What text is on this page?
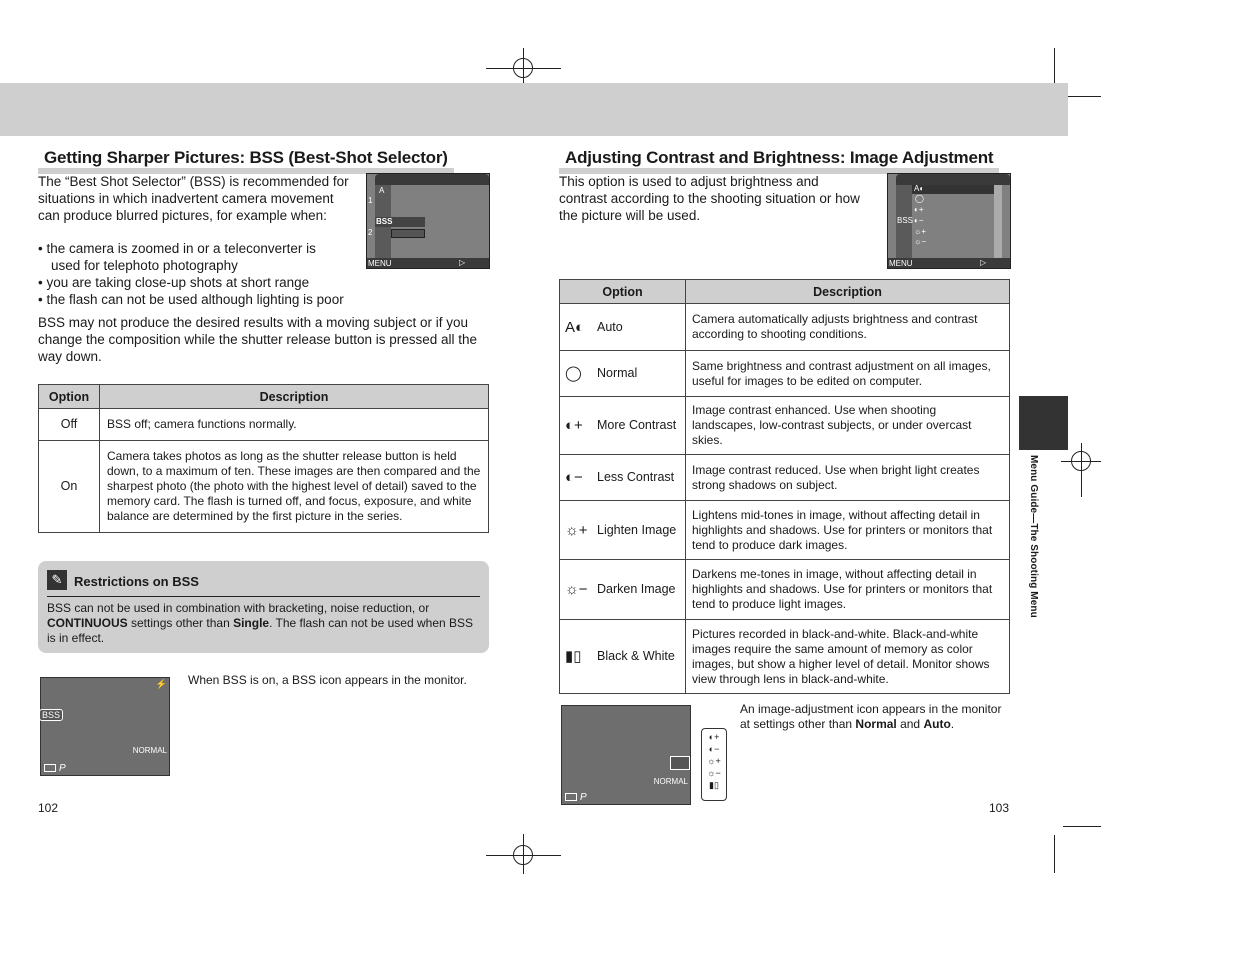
Getting Sharper Pictures: BSS (Best-Shot Selector)
The “Best Shot Selector” (BSS) is recommended for situations in which inadvertent camera movement can produce blurred pictures, for example when:
• the camera is zoomed in or a teleconverter is used for telephoto photography
• you are taking close-up shots at short range
• the flash can not be used although lighting is poor
BSS may not produce the desired results with a moving subject or if you change the composition while the shutter release button is pressed all the way down.
A
1
2
BSS
MENU	▷
Option	Description
Off	BSS off; camera functions normally.
On	Camera takes photos as long as the shutter release button is held down, to a maximum of ten. These images are then compared and the sharpest photo (the photo with the highest level of detail) saved to the memory card. The flash is turned off, and focus, exposure, and white balance are determined by the first picture in the series.
✎ Restrictions on BSS
BSS can not be used in combination with bracketing, noise reduction, or CONTINUOUS settings other than Single. The flash can not be used when BSS is in effect.
⚡
BSS
NORMAL
P
When BSS is on, a BSS icon appears in the monitor.
102
Adjusting Contrast and Brightness: Image Adjustment
This option is used to adjust brightness and contrast according to the shooting situation or how the picture will be used.
A◐
◯
◐+
BSS ◐−
☼+
☼−
MENU	▷
Option	Description

A◐ Auto	Camera automatically adjusts brightness and contrast according to shooting conditions.

◯ Normal	Same brightness and contrast adjustment on all images, useful for images to be edited on computer.

◐+ More Contrast	Image contrast enhanced. Use when shooting landscapes, low-contrast subjects, or under overcast skies.

◐− Less Contrast	Image contrast reduced. Use when bright light creates strong shadows on subject.

☼+ Lighten Image	Lightens mid-tones in image, without affecting detail in highlights and shadows. Use for printers or monitors that tend to produce dark images.

☼− Darken Image	Darkens me-tones in image, without affecting detail in highlights and shadows. Use for printers or monitors that tend to produce light images.

▮▯ Black & White	Pictures recorded in black-and-white. Black-and-white images require the same amount of memory as color images, but show a higher level of detail. Monitor shows view through lens in black-and-white.
NORMAL
P
◐+
◐−
☼+
☼−
▮▯
An image-adjustment icon appears in the monitor at settings other than Normal and Auto.
103
Menu Guide—The Shooting Menu
